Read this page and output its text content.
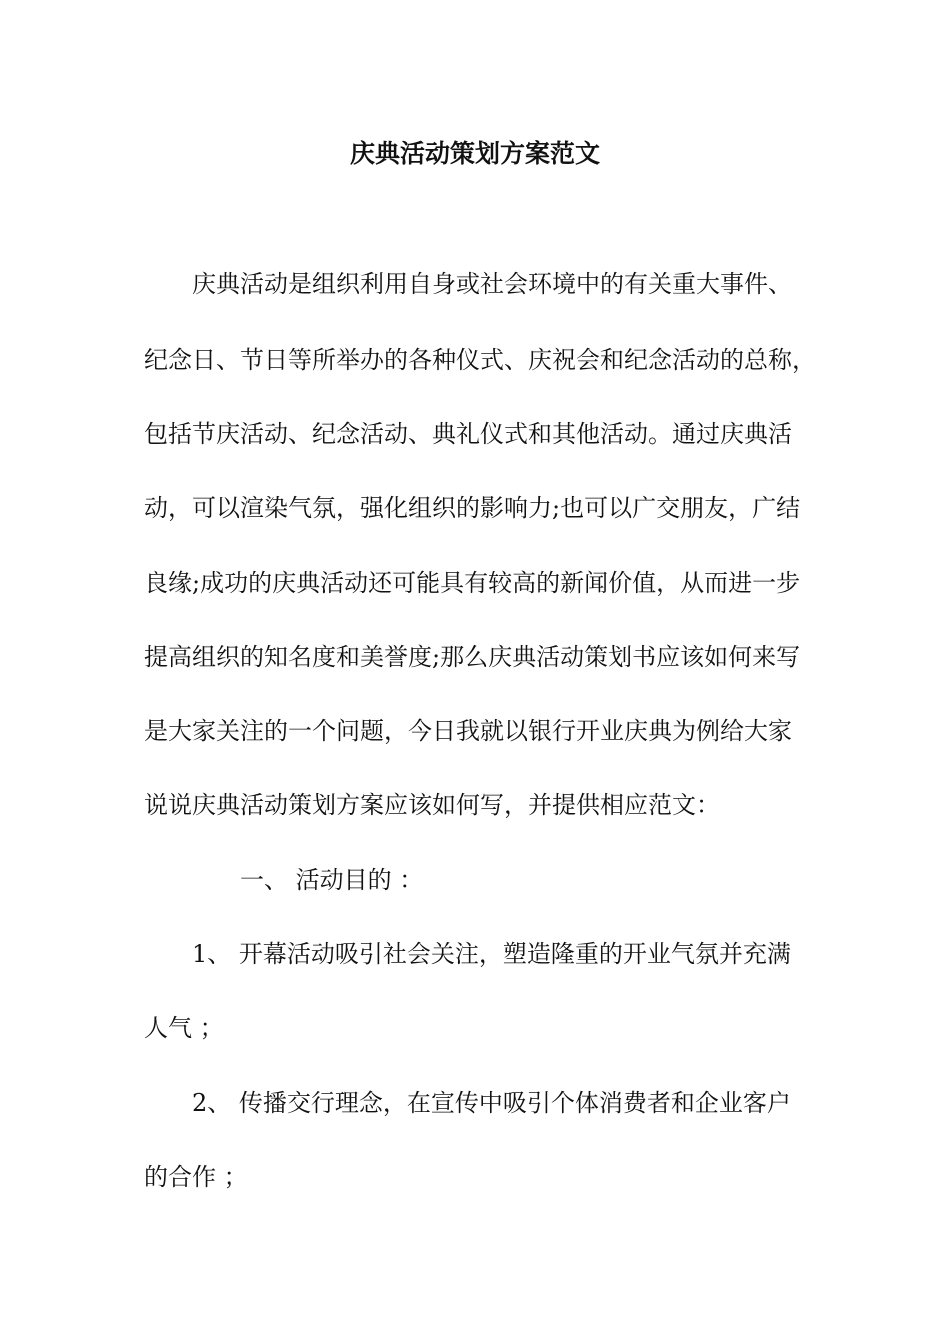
庆典活动策划方案范文
庆典活动是组织利用自身或社会环境中的有关重大事件、
纪念日、节日等所举办的各种仪式、庆祝会和纪念活动的总称，
包括节庆活动、纪念活动、典礼仪式和其他活动。通过庆典活
动，可以渲染气氛，强化组织的影响力;也可以广交朋友，广结
良缘;成功的庆典活动还可能具有较高的新闻价值，从而进一步
提高组织的知名度和美誉度;那么庆典活动策划书应该如何来写
是大家关注的一个问题，今日我就以银行开业庆典为例给大家
说说庆典活动策划方案应该如何写，并提供相应范文：
一、 活动目的 ：
1、 开幕活动吸引社会关注，塑造隆重的开业气氛并充满
人气 ；
2、 传播交行理念，在宣传中吸引个体消费者和企业客户
的合作 ；
